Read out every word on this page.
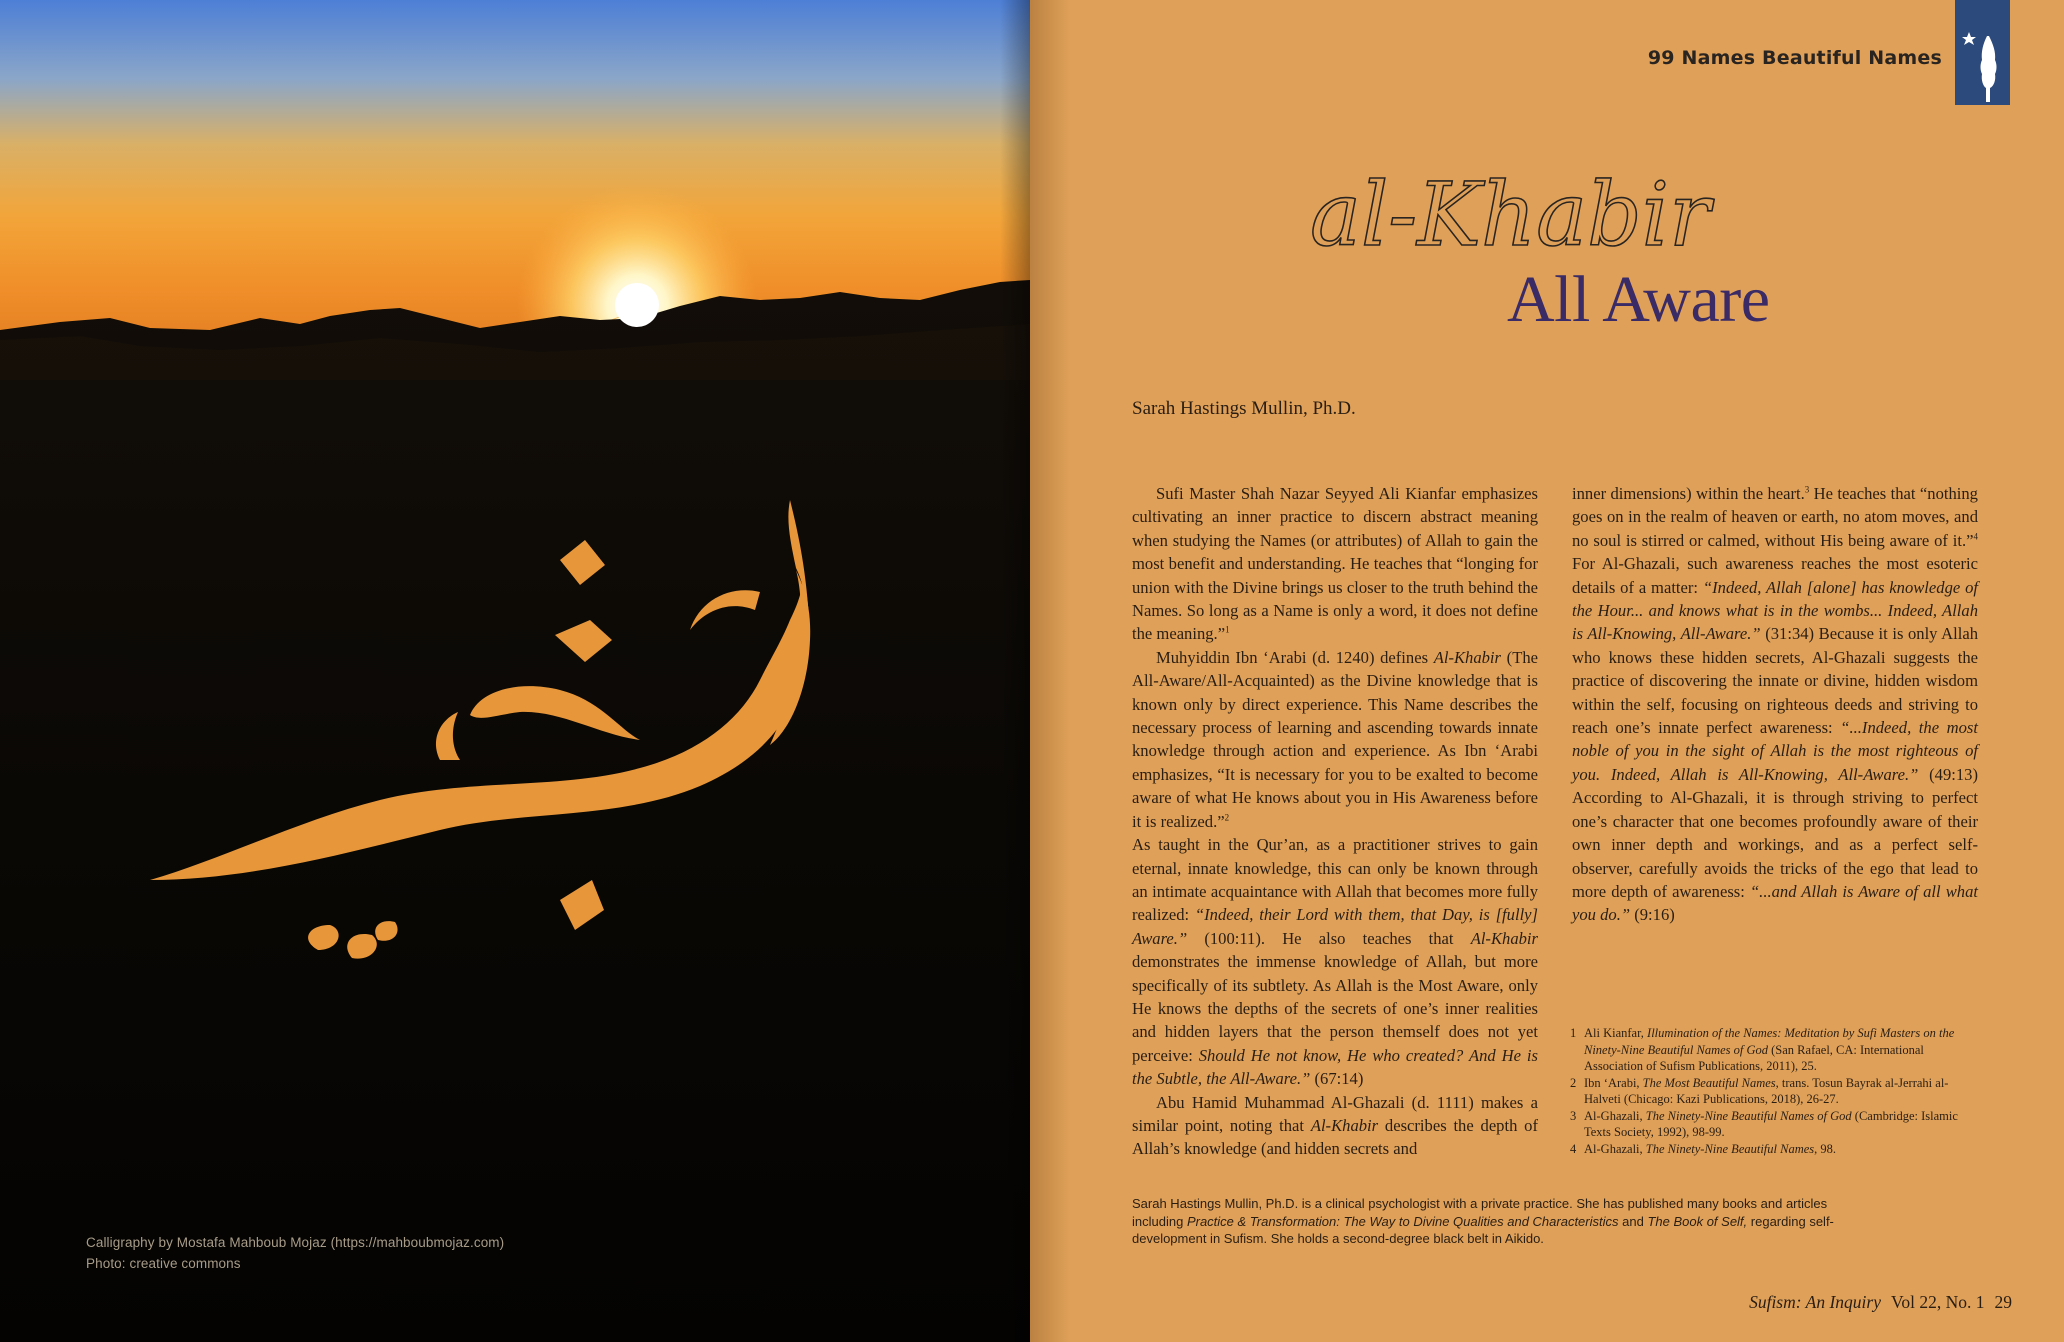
Calligraphy by Mostafa Mahboub Mojaz (https://mahboubmojaz.com)
Photo: creative commons
99 Names Beautiful Names
al-Khabir
All Aware
Sarah Hastings Mullin, Ph.D.

Sufi Master Shah Nazar Seyyed Ali Kianfar emphasizes cultivating an inner practice to discern abstract meaning when studying the Names (or attributes) of Allah to gain the most benefit and understanding. He teaches that “longing for union with the Divine brings us closer to the truth behind the Names. So long as a Name is only a word, it does not define the meaning.”$^1$

Muhyiddin Ibn ‘Arabi (d. 1240) defines Al-Khabir (The All-Aware/All-Acquainted) as the Divine knowledge that is known only by direct experience. This Name describes the necessary process of learning and ascending towards innate knowledge through action and experience. As Ibn ‘Arabi emphasizes, “It is necessary for you to be exalted to become aware of what He knows about you in His Awareness before it is realized.”$^2$

As taught in the Qur’an, as a practitioner strives to gain eternal, innate knowledge, this can only be known through an intimate acquaintance with Allah that becomes more fully realized: “Indeed, their Lord with them, that Day, is [fully] Aware.” (100:11). He also teaches that Al-Khabir demonstrates the immense knowledge of Allah, but more specifically of its subtlety. As Allah is the Most Aware, only He knows the depths of the secrets of one’s inner realities and hidden layers that the person themself does not yet perceive: Should He not know, He who created? And He is the Subtle, the All-Aware.” (67:14)

Abu Hamid Muhammad Al-Ghazali (d. 1111) makes a similar point, noting that Al-Khabir describes the depth of Allah’s knowledge (and hidden secrets and

inner dimensions) within the heart.$^3$ He teaches that “nothing goes on in the realm of heaven or earth, no atom moves, and no soul is stirred or calmed, without His being aware of it.”$^4$ For Al-Ghazali, such awareness reaches the most esoteric details of a matter: “Indeed, Allah [alone] has knowledge of the Hour... and knows what is in the wombs... Indeed, Allah is All-Knowing, All-Aware.” (31:34) Because it is only Allah who knows these hidden secrets, Al-Ghazali suggests the practice of discovering the innate or divine, hidden wisdom within the self, focusing on righteous deeds and striving to reach one’s innate perfect awareness: “...Indeed, the most noble of you in the sight of Allah is the most righteous of you. Indeed, Allah is All-Knowing, All-Aware.” (49:13) According to Al-Ghazali, it is through striving to perfect one’s character that one becomes profoundly aware of their own inner depth and workings, and as a perfect self-observer, carefully avoids the tricks of the ego that lead to more depth of awareness: “...and Allah is Aware of all what you do.” (9:16)

1 Ali Kianfar, Illumination of the Names: Meditation by Sufi Masters on the Ninety-Nine Beautiful Names of God (San Rafael, CA: International Association of Sufism Publications, 2011), 25.

2 Ibn ‘Arabi, The Most Beautiful Names, trans. Tosun Bayrak al-Jerrahi al-Halveti (Chicago: Kazi Publications, 2018), 26-27.

3 Al-Ghazali, The Ninety-Nine Beautiful Names of God (Cambridge: Islamic Texts Society, 1992), 98-99.

4 Al-Ghazali, The Ninety-Nine Beautiful Names, 98.

Sarah Hastings Mullin, Ph.D. is a clinical psychologist with a private practice. She has published many books and articles including Practice & Transformation: The Way to Divine Qualities and Characteristics and The Book of Self, regarding self-development in Sufism. She holds a second-degree black belt in Aikido.
Sufism: An Inquiry Vol 22, No. 1 29
